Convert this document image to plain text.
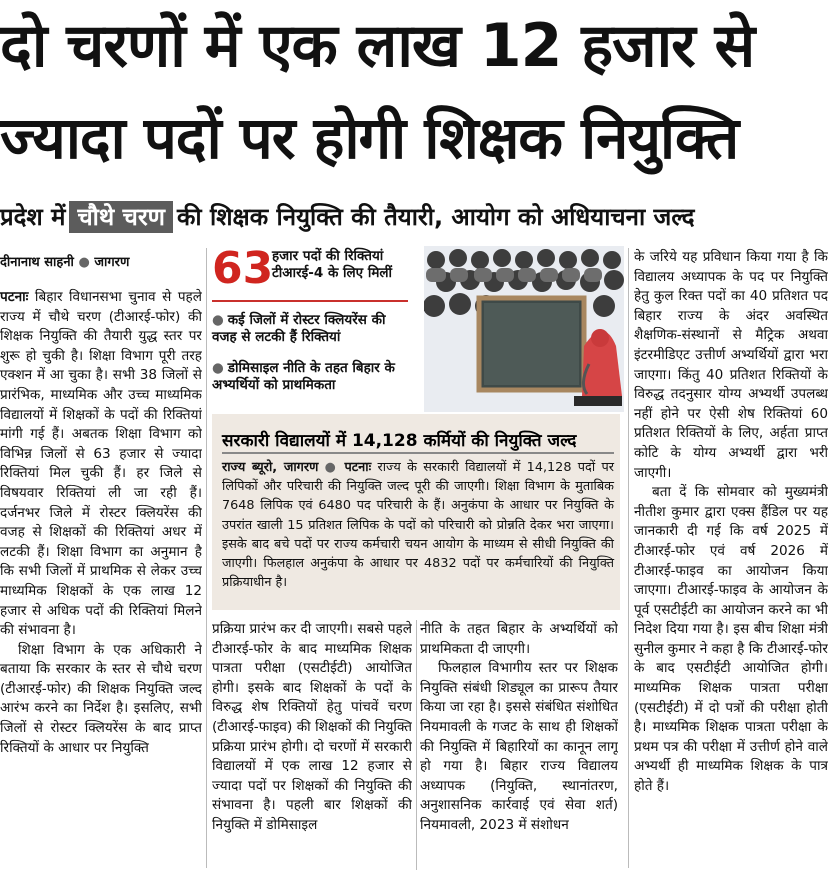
दो चरणों में एक लाख 12 हजार से
ज्यादा पदों पर होगी शिक्षक नियुक्ति
प्रदेश में चौथे चरण की शिक्षक नियुक्ति की तैयारी, आयोग को अधियाचना जल्द
दीनानाथ साहनी ● जागरण

पटनाः बिहार विधानसभा चुनाव से पहले राज्य में चौथे चरण (टीआरई-फोर) की शिक्षक नियुक्ति की तैयारी युद्ध स्तर पर शुरू हो चुकी है। शिक्षा विभाग पूरी तरह एक्शन में आ चुका है। सभी 38 जिलों से प्रारंभिक, माध्यमिक और उच्च माध्यमिक विद्यालयों में शिक्षकों के पदों की रिक्तियां मांगी गई हैं। अबतक शिक्षा विभाग को विभिन्न जिलों से 63 हजार से ज्यादा रिक्तियां मिल चुकी हैं। हर जिले से विषयवार रिक्तियां ली जा रही हैं। दर्जनभर जिले में रोस्टर क्लियरेंस की वजह से शिक्षकों की रिक्तियां अधर में लटकी हैं। शिक्षा विभाग का अनुमान है कि सभी जिलों में प्राथमिक से लेकर उच्च माध्यमिक शिक्षकों के एक लाख 12 हजार से अधिक पदों की रिक्तियां मिलने की संभावना है।

शिक्षा विभाग के एक अधिकारी ने बताया कि सरकार के स्तर से चौथे चरण (टीआरई-फोर) की शिक्षक नियुक्ति जल्द आरंभ करने का निर्देश है। इसलिए, सभी जिलों से रोस्टर क्लियरेंस के बाद प्राप्त रिक्तियों के आधार पर नियुक्ति

63
हजार पदों की रिक्तियां टीआरई-4 के लिए मिलीं
● कई जिलों में रोस्टर क्लियरेंस की वजह से लटकी हैं रिक्तियां
● डोमिसाइल नीति के तहत बिहार के अभ्यर्थियों को प्राथमिकता
सरकारी विद्यालयों में 14,128 कर्मियों की नियुक्ति जल्द
राज्य ब्यूरो, जागरण ● पटनाः राज्य के सरकारी विद्यालयों में 14,128 पदों पर लिपिकों और परिचारी की नियुक्ति जल्द पूरी की जाएगी। शिक्षा विभाग के मुताबिक 7648 लिपिक एवं 6480 पद परिचारी के हैं। अनुकंपा के आधार पर नियुक्ति के उपरांत खाली 15 प्रतिशत लिपिक के पदों को परिचारी को प्रोन्नति देकर भरा जाएगा। इसके बाद बचे पदों पर राज्य कर्मचारी चयन आयोग के माध्यम से सीधी नियुक्ति की जाएगी। फिलहाल अनुकंपा के आधार पर 4832 पदों पर कर्मचारियों की नियुक्ति प्रक्रियाधीन है।

प्रक्रिया प्रारंभ कर दी जाएगी। सबसे पहले टीआरई-फोर के बाद माध्यमिक शिक्षक पात्रता परीक्षा (एसटीईटी) आयोजित होगी। इसके बाद शिक्षकों के पदों के विरुद्ध शेष रिक्तियों हेतु पांचवें चरण (टीआरई-फाइव) की शिक्षकों की नियुक्ति प्रक्रिया प्रारंभ होगी। दो चरणों में सरकारी विद्यालयों में एक लाख 12 हजार से ज्यादा पदों पर शिक्षकों की नियुक्ति की संभावना है। पहली बार शिक्षकों की नियुक्ति में डोमिसाइल

नीति के तहत बिहार के अभ्यर्थियों को प्राथमिकता दी जाएगी।

फिलहाल विभागीय स्तर पर शिक्षक नियुक्ति संबंधी शिड्यूल का प्रारूप तैयार किया जा रहा है। इससे संबंधित संशोधित नियमावली के गजट के साथ ही शिक्षकों की नियुक्ति में बिहारियों का कानून लागू हो गया है। बिहार राज्य विद्यालय अध्यापक (नियुक्ति, स्थानांतरण, अनुशासनिक कार्रवाई एवं सेवा शर्त) नियमावली, 2023 में संशोधन

के जरिये यह प्रविधान किया गया है कि विद्यालय अध्यापक के पद पर नियुक्ति हेतु कुल रिक्त पदों का 40 प्रतिशत पद बिहार राज्य के अंदर अवस्थित शैक्षणिक-संस्थानों से मैट्रिक अथवा इंटरमीडिएट उत्तीर्ण अभ्यर्थियों द्वारा भरा जाएगा। किंतु 40 प्रतिशत रिक्तियों के विरुद्ध तदनुसार योग्य अभ्यर्थी उपलब्ध नहीं होने पर ऐसी शेष रिक्तियां 60 प्रतिशत रिक्तियों के लिए, अर्हता प्राप्त कोटि के योग्य अभ्यर्थी द्वारा भरी जाएगी।

बता दें कि सोमवार को मुख्यमंत्री नीतीश कुमार द्वारा एक्स हैंडिल पर यह जानकारी दी गई कि वर्ष 2025 में टीआरई-फोर एवं वर्ष 2026 में टीआरई-फाइव का आयोजन किया जाएगा। टीआरई-फाइव के आयोजन के पूर्व एसटीईटी का आयोजन करने का भी निदेश दिया गया है। इस बीच शिक्षा मंत्री सुनील कुमार ने कहा है कि टीआरई-फोर के बाद एसटीईटी आयोजित होगी। माध्यमिक शिक्षक पात्रता परीक्षा (एसटीईटी) में दो पत्रों की परीक्षा होती है। माध्यमिक शिक्षक पात्रता परीक्षा के प्रथम पत्र की परीक्षा में उत्तीर्ण होने वाले अभ्यर्थी ही माध्यमिक शिक्षक के पात्र होते हैं।
